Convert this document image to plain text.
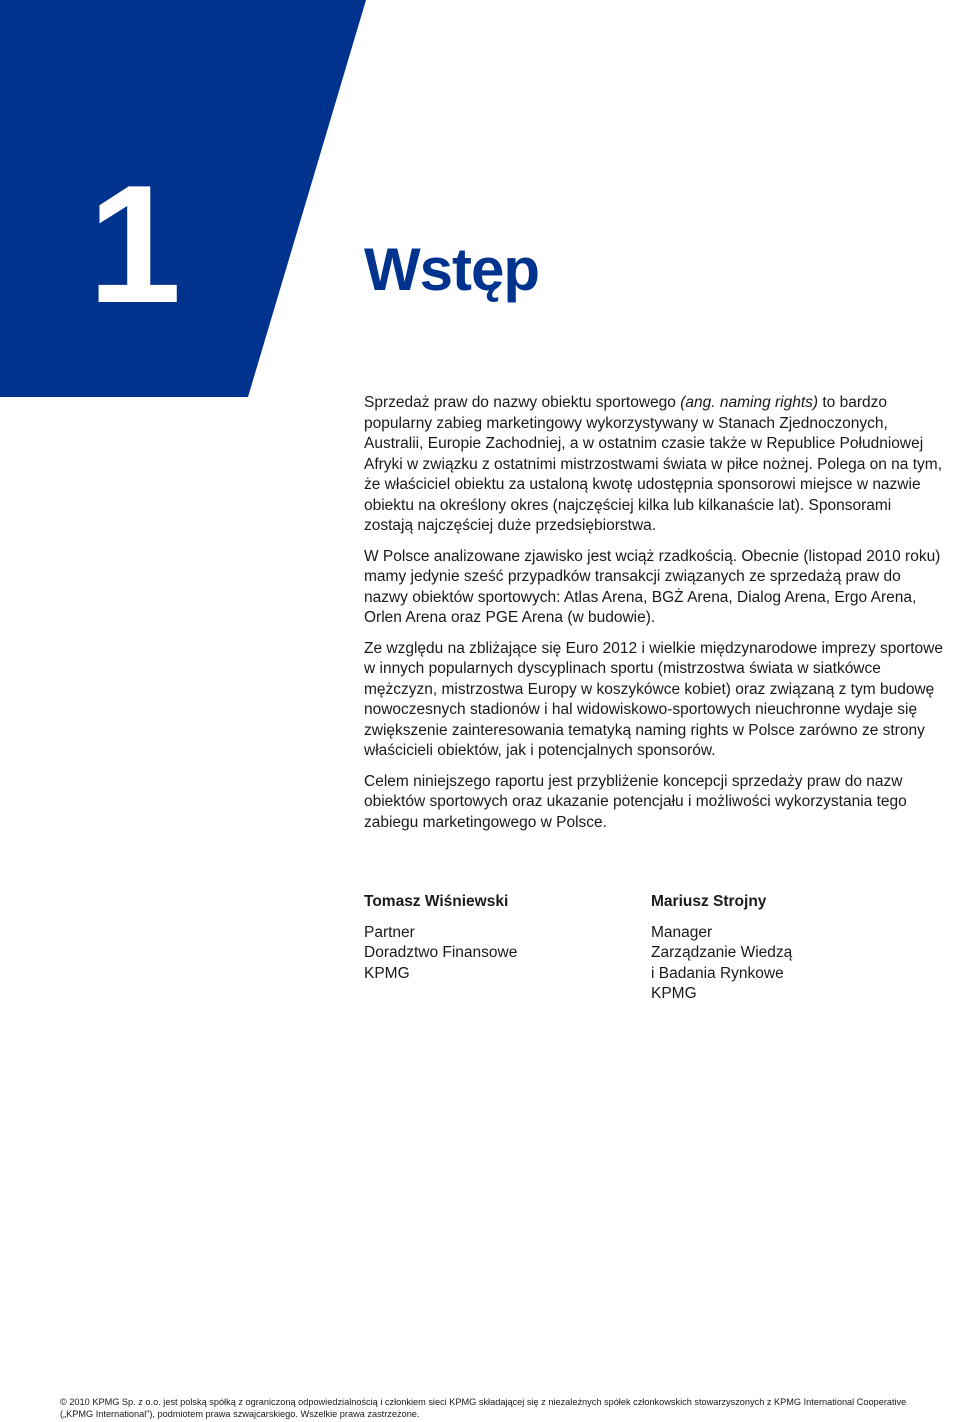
1	Wstęp

Sprzedaż praw do nazwy obiektu sportowego (ang. naming rights) to bardzo popularny zabieg marketingowy wykorzystywany w Stanach Zjednoczonych, Australii, Europie Zachodniej, a w ostatnim czasie także w Republice Południowej Afryki w związku z ostatnimi mistrzostwami świata w piłce nożnej. Polega on na tym, że właściciel obiektu za ustaloną kwotę udostępnia sponsorowi miejsce w nazwie obiektu na określony okres (najczęściej kilka lub kilkanaście lat). Sponsorami zostają najczęściej duże przedsiębiorstwa.

W Polsce analizowane zjawisko jest wciąż rzadkością. Obecnie (listopad 2010 roku) mamy jedynie sześć przypadków transakcji związanych ze sprzedażą praw do nazwy obiektów sportowych: Atlas Arena, BGŻ Arena, Dialog Arena, Ergo Arena, Orlen Arena oraz PGE Arena (w budowie).

Ze względu na zbliżające się Euro 2012 i wielkie międzynarodowe imprezy sportowe w innych popularnych dyscyplinach sportu (mistrzostwa świata w siatkówce mężczyzn, mistrzostwa Europy w koszykówce kobiet) oraz związaną z tym budowę nowoczesnych stadionów i hal widowiskowo-sportowych nieuchronne wydaje się zwiększenie zainteresowania tematyką naming rights w Polsce zarówno ze strony właścicieli obiektów, jak i potencjalnych sponsorów.

Celem niniejszego raportu jest przybliżenie koncepcji sprzedaży praw do nazw obiektów sportowych oraz ukazanie potencjału i możliwości wykorzystania tego zabiegu marketingowego w Polsce.

Tomasz Wiśniewski
Partner
Doradztwo Finansowe
KPMG
Mariusz Strojny
Manager
Zarządzanie Wiedzą
i Badania Rynkowe
KPMG
© 2010 KPMG Sp. z o.o. jest polską spółką z ograniczoną odpowiedzialnością i członkiem sieci KPMG składającej się z niezależnych spółek członkowskich stowarzyszonych z KPMG International Cooperative
(„KPMG International”), podmiotem prawa szwajcarskiego. Wszelkie prawa zastrzeżone.
